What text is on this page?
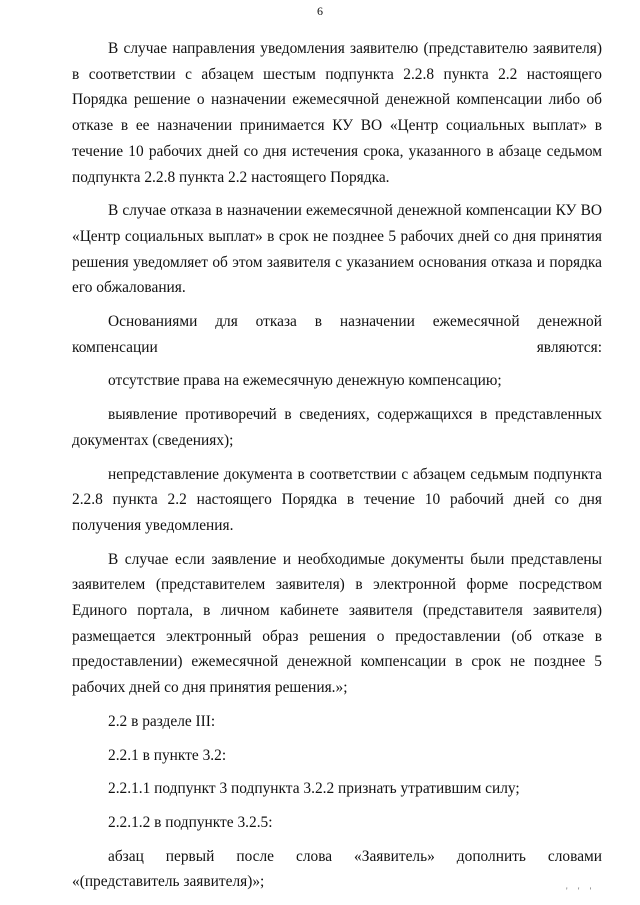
6

В случае направления уведомления заявителю (представителю заявителя) в соответствии с абзацем шестым подпункта 2.2.8 пункта 2.2 настоящего Порядка решение о назначении ежемесячной денежной компенсации либо об отказе в ее назначении принимается КУ ВО «Центр социальных выплат» в течение 10 рабочих дней со дня истечения срока, указанного в абзаце седьмом подпункта 2.2.8 пункта 2.2 настоящего Порядка.

В случае отказа в назначении ежемесячной денежной компенсации КУ ВО «Центр социальных выплат» в срок не позднее 5 рабочих дней со дня принятия решения уведомляет об этом заявителя с указанием основания отказа и порядка его обжалования.

Основаниями для отказа в назначении ежемесячной денежной компенсации являются:

отсутствие права на ежемесячную денежную компенсацию;

выявление противоречий в сведениях, содержащихся в представленных документах (сведениях);

непредставление документа в соответствии с абзацем седьмым подпункта 2.2.8 пункта 2.2 настоящего Порядка в течение 10 рабочий дней со дня получения уведомления.

В случае если заявление и необходимые документы были представлены заявителем (представителем заявителя) в электронной форме посредством Единого портала, в личном кабинете заявителя (представителя заявителя) размещается электронный образ решения о предоставлении (об отказе в предоставлении) ежемесячной денежной компенсации в срок не позднее 5 рабочих дней со дня принятия решения.»;

2.2 в разделе III:

2.2.1 в пункте 3.2:

2.2.1.1 подпункт 3 подпункта 3.2.2 признать утратившим силу;

2.2.1.2 в подпункте 3.2.5:

абзац первый после слова «Заявитель» дополнить словами «(представитель заявителя)»;

' ' '
